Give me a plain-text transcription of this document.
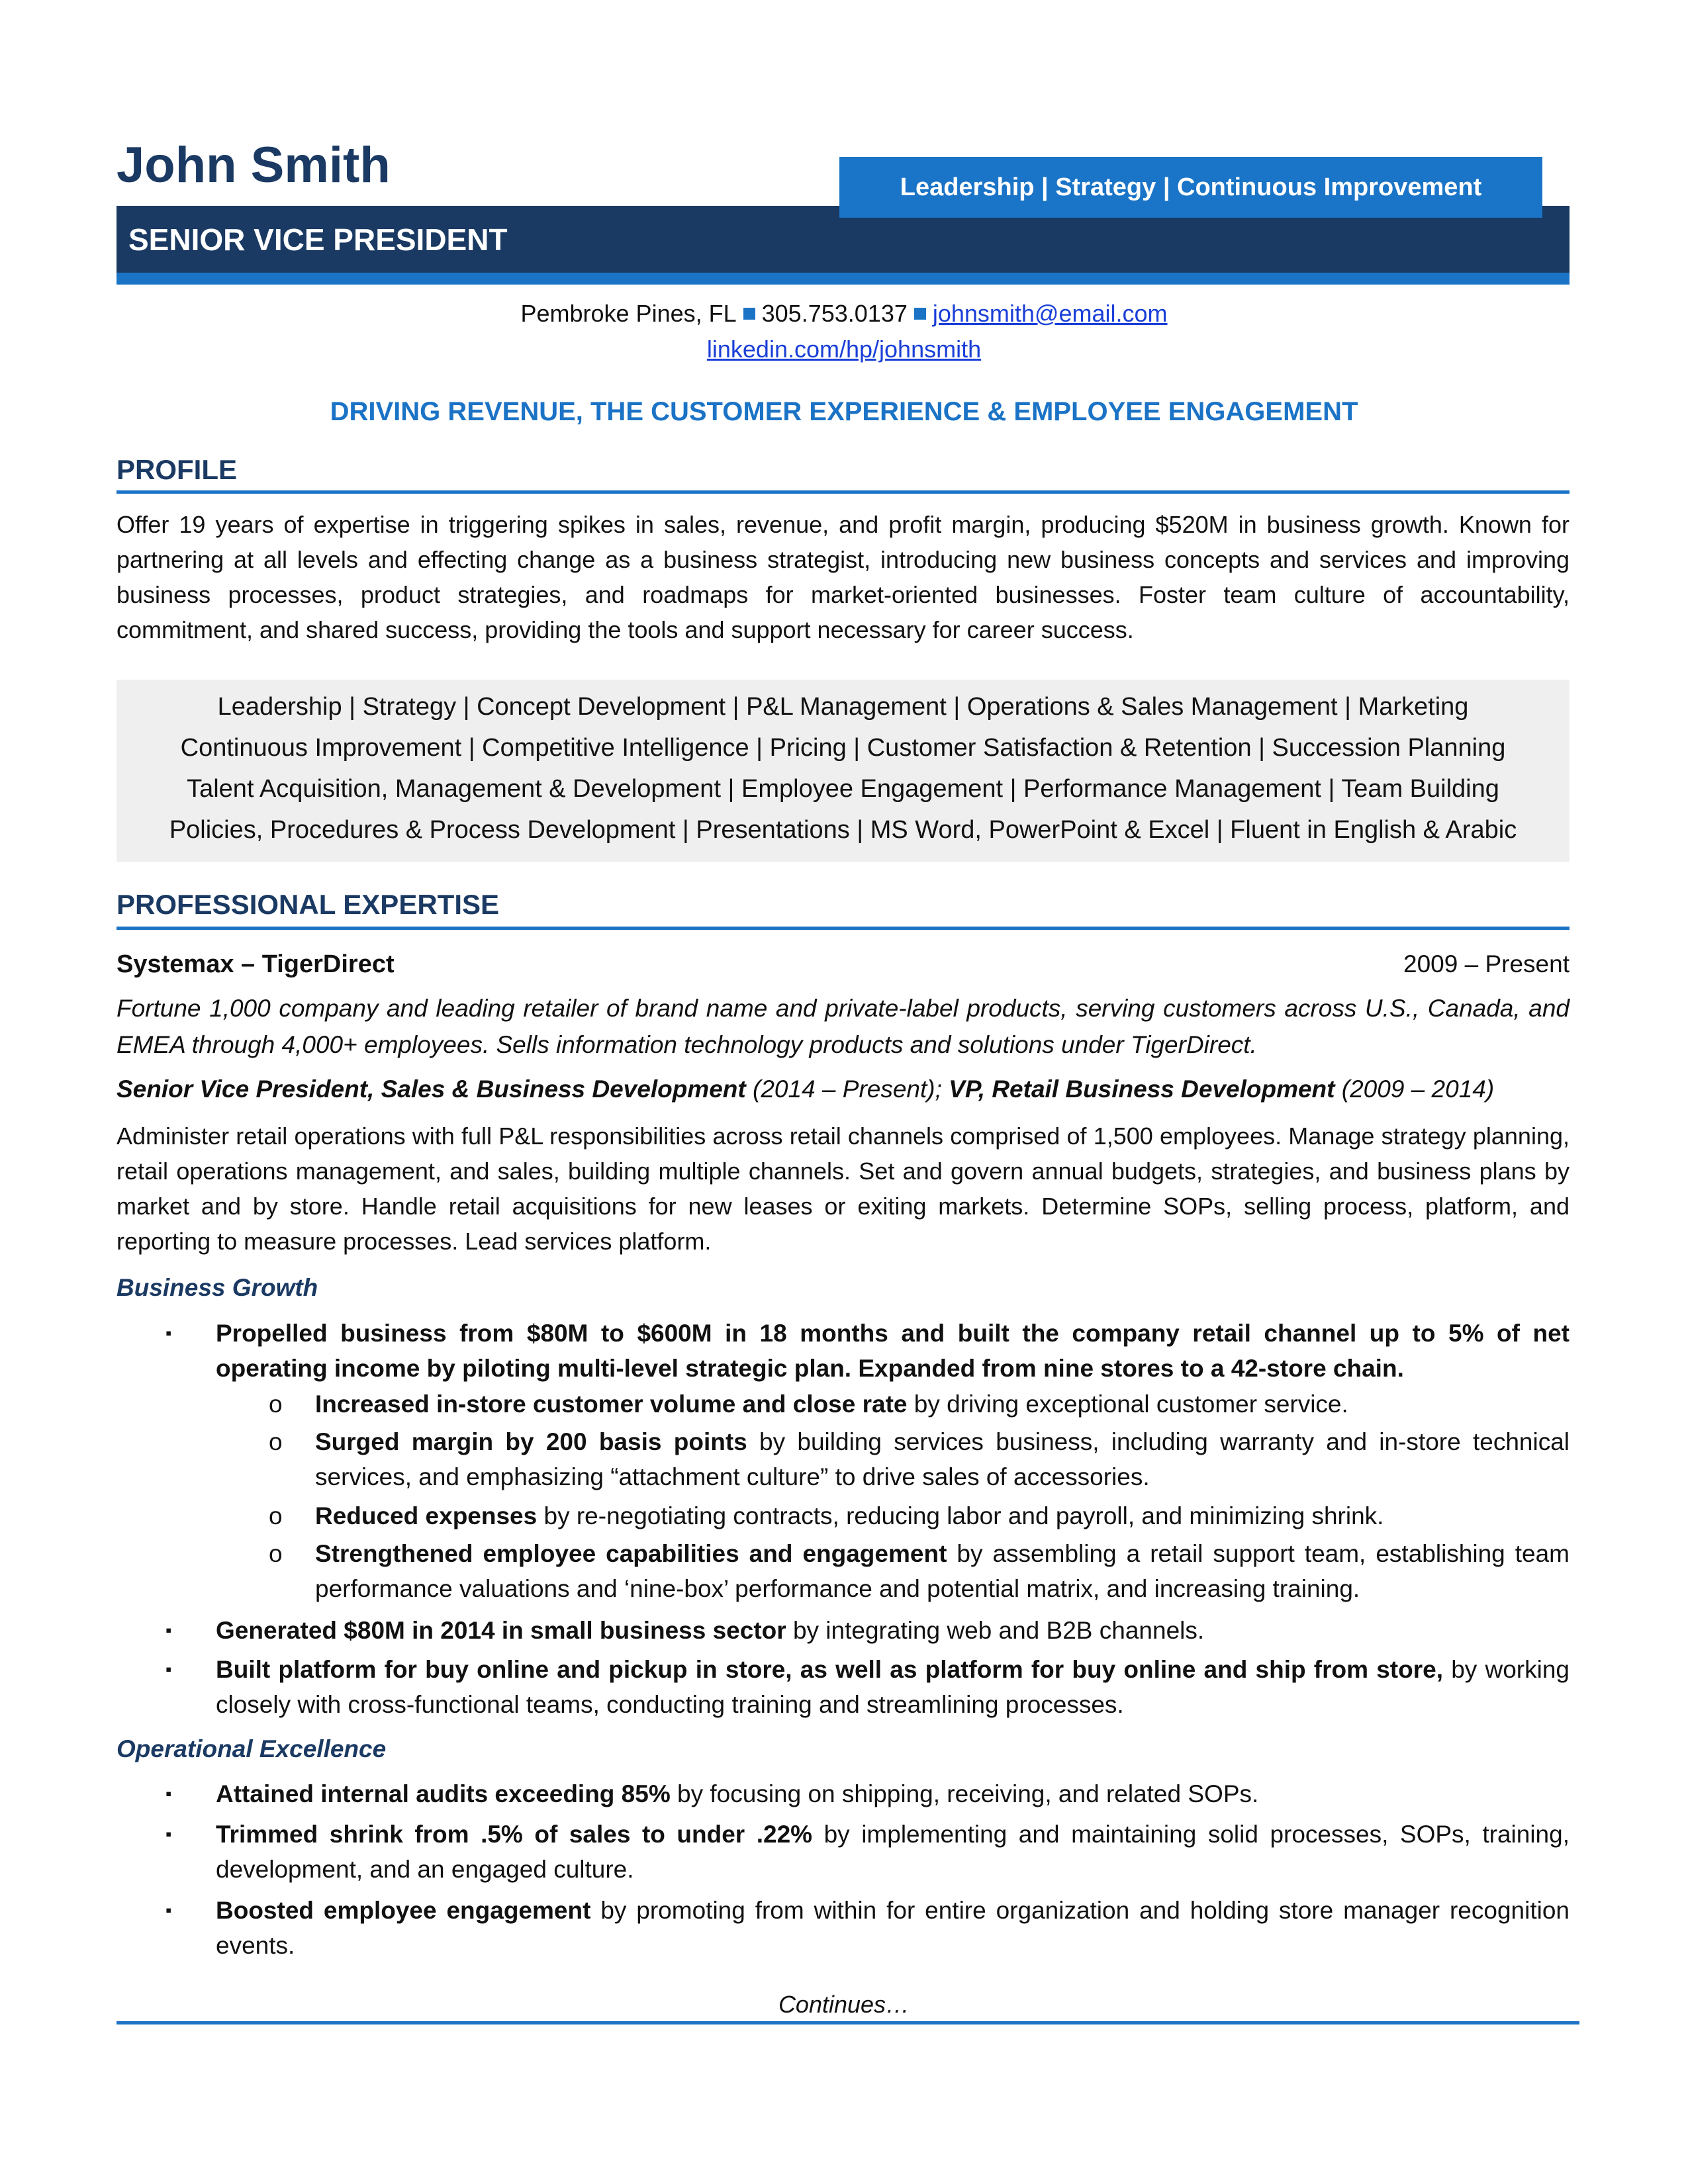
John Smith	Leadership | Strategy | Continuous Improvement
SENIOR VICE PRESIDENT
Pembroke Pines, FL 305.753.0137 johnsmith@email.com
linkedin.com/hp/johnsmith
DRIVING REVENUE, THE CUSTOMER EXPERIENCE & EMPLOYEE ENGAGEMENT
PROFILE
Offer 19 years of expertise in triggering spikes in sales, revenue, and profit margin, producing $520M in business growth. Known for partnering at all levels and effecting change as a business strategist, introducing new business concepts and services and improving business processes, product strategies, and roadmaps for market-oriented businesses. Foster team culture of accountability, commitment, and shared success, providing the tools and support necessary for career success.
Leadership | Strategy | Concept Development | P&L Management | Operations & Sales Management | Marketing
Continuous Improvement | Competitive Intelligence | Pricing | Customer Satisfaction & Retention | Succession Planning
Talent Acquisition, Management & Development | Employee Engagement | Performance Management | Team Building
Policies, Procedures & Process Development | Presentations | MS Word, PowerPoint & Excel | Fluent in English & Arabic
PROFESSIONAL EXPERTISE
Systemax – TigerDirect	2009 – Present
Fortune 1,000 company and leading retailer of brand name and private-label products, serving customers across U.S., Canada, and EMEA through 4,000+ employees. Sells information technology products and solutions under TigerDirect.
Senior Vice President, Sales & Business Development (2014 – Present); VP, Retail Business Development (2009 – 2014)
Administer retail operations with full P&L responsibilities across retail channels comprised of 1,500 employees. Manage strategy planning, retail operations management, and sales, building multiple channels. Set and govern annual budgets, strategies, and business plans by market and by store. Handle retail acquisitions for new leases or exiting markets. Determine SOPs, selling process, platform, and reporting to measure processes. Lead services platform.
Business Growth
▪ Propelled business from $80M to $600M in 18 months and built the company retail channel up to 5% of net operating income by piloting multi-level strategic plan. Expanded from nine stores to a 42-store chain.
o Increased in-store customer volume and close rate by driving exceptional customer service.
o Surged margin by 200 basis points by building services business, including warranty and in-store technical services, and emphasizing “attachment culture” to drive sales of accessories.
o Reduced expenses by re-negotiating contracts, reducing labor and payroll, and minimizing shrink.
o Strengthened employee capabilities and engagement by assembling a retail support team, establishing team performance valuations and ‘nine-box’ performance and potential matrix, and increasing training.
▪ Generated $80M in 2014 in small business sector by integrating web and B2B channels.
▪ Built platform for buy online and pickup in store, as well as platform for buy online and ship from store, by working closely with cross-functional teams, conducting training and streamlining processes.
Operational Excellence
▪ Attained internal audits exceeding 85% by focusing on shipping, receiving, and related SOPs.
▪ Trimmed shrink from .5% of sales to under .22% by implementing and maintaining solid processes, SOPs, training, development, and an engaged culture.
▪ Boosted employee engagement by promoting from within for entire organization and holding store manager recognition events.
Continues…
